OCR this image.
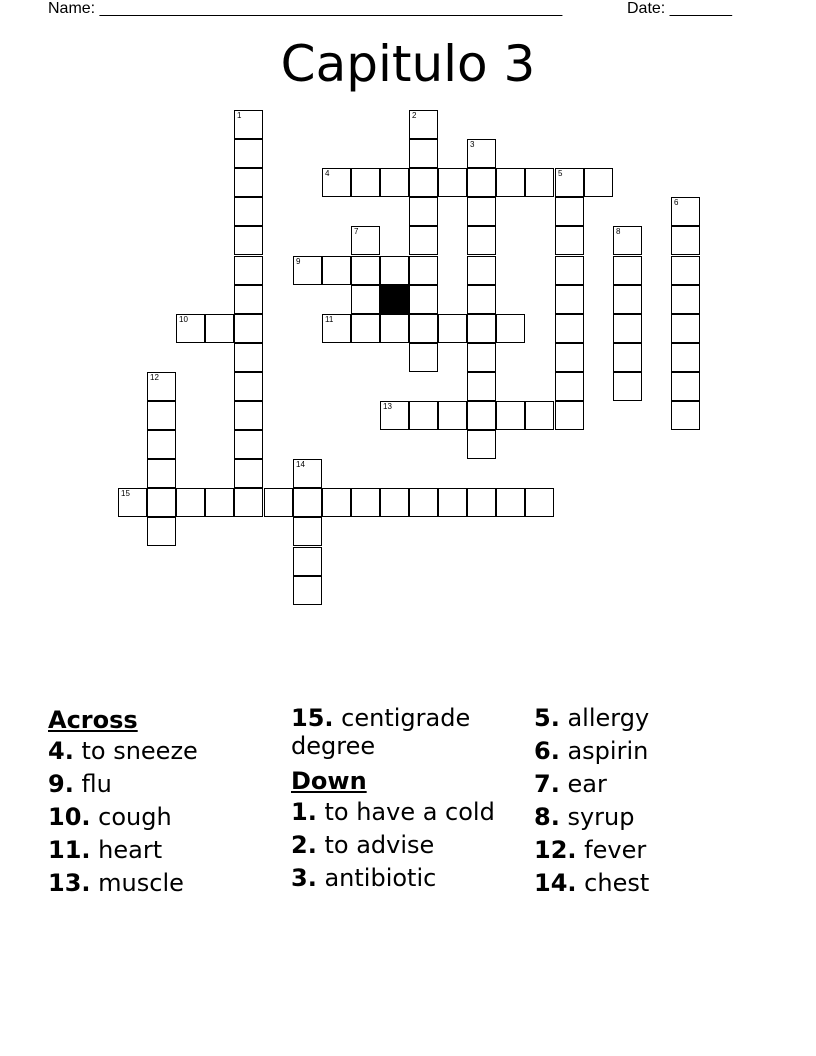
Name: ____________________________________________________	Date: _______
Capitulo 3
4	5
9
10	11
13
15
1	2
3
6
7	8
12
14
Across
4. to sneeze
9. flu
10. cough
11. heart
13. muscle
15. centigrade degree
Down
1. to have a cold
2. to advise
3. antibiotic
5. allergy
6. aspirin
7. ear
8. syrup
12. fever
14. chest
